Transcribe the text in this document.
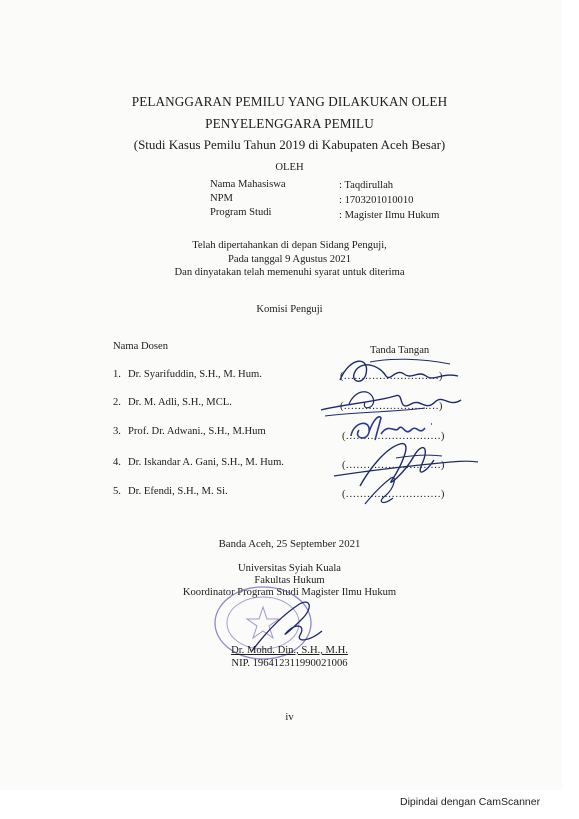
PELANGGARAN PEMILU YANG DILAKUKAN OLEH
PENYELENGGARA PEMILU
(Studi Kasus Pemilu Tahun 2019 di Kabupaten Aceh Besar)
OLEH
Nama Mahasiswa	: Taqdirullah
NPM	: 1703201010010
Program Studi	: Magister Ilmu Hukum
Telah dipertahankan di depan Sidang Penguji,
Pada tanggal 9 Agustus 2021
Dan dinyatakan telah memenuhi syarat untuk diterima
Komisi Penguji
Nama Dosen	Tanda Tangan
1. Dr. Syarifuddin, S.H., M. Hum.	(………………………)
2. Dr. M. Adli, S.H., MCL.	(………………………)
3. Prof. Dr. Adwani., S.H., M.Hum	(………………………)
4. Dr. Iskandar A. Gani, S.H., M. Hum.	(………………………)
5. Dr. Efendi, S.H., M. Si.	(………………………)
Banda Aceh, 25 September 2021
Universitas Syiah Kuala
Fakultas Hukum
Koordinator Program Studi Magister Ilmu Hukum
Dr. Mohd. Din., S.H., M.H.
NIP. 196412311990021006
iv
Dipindai dengan CamScanner
